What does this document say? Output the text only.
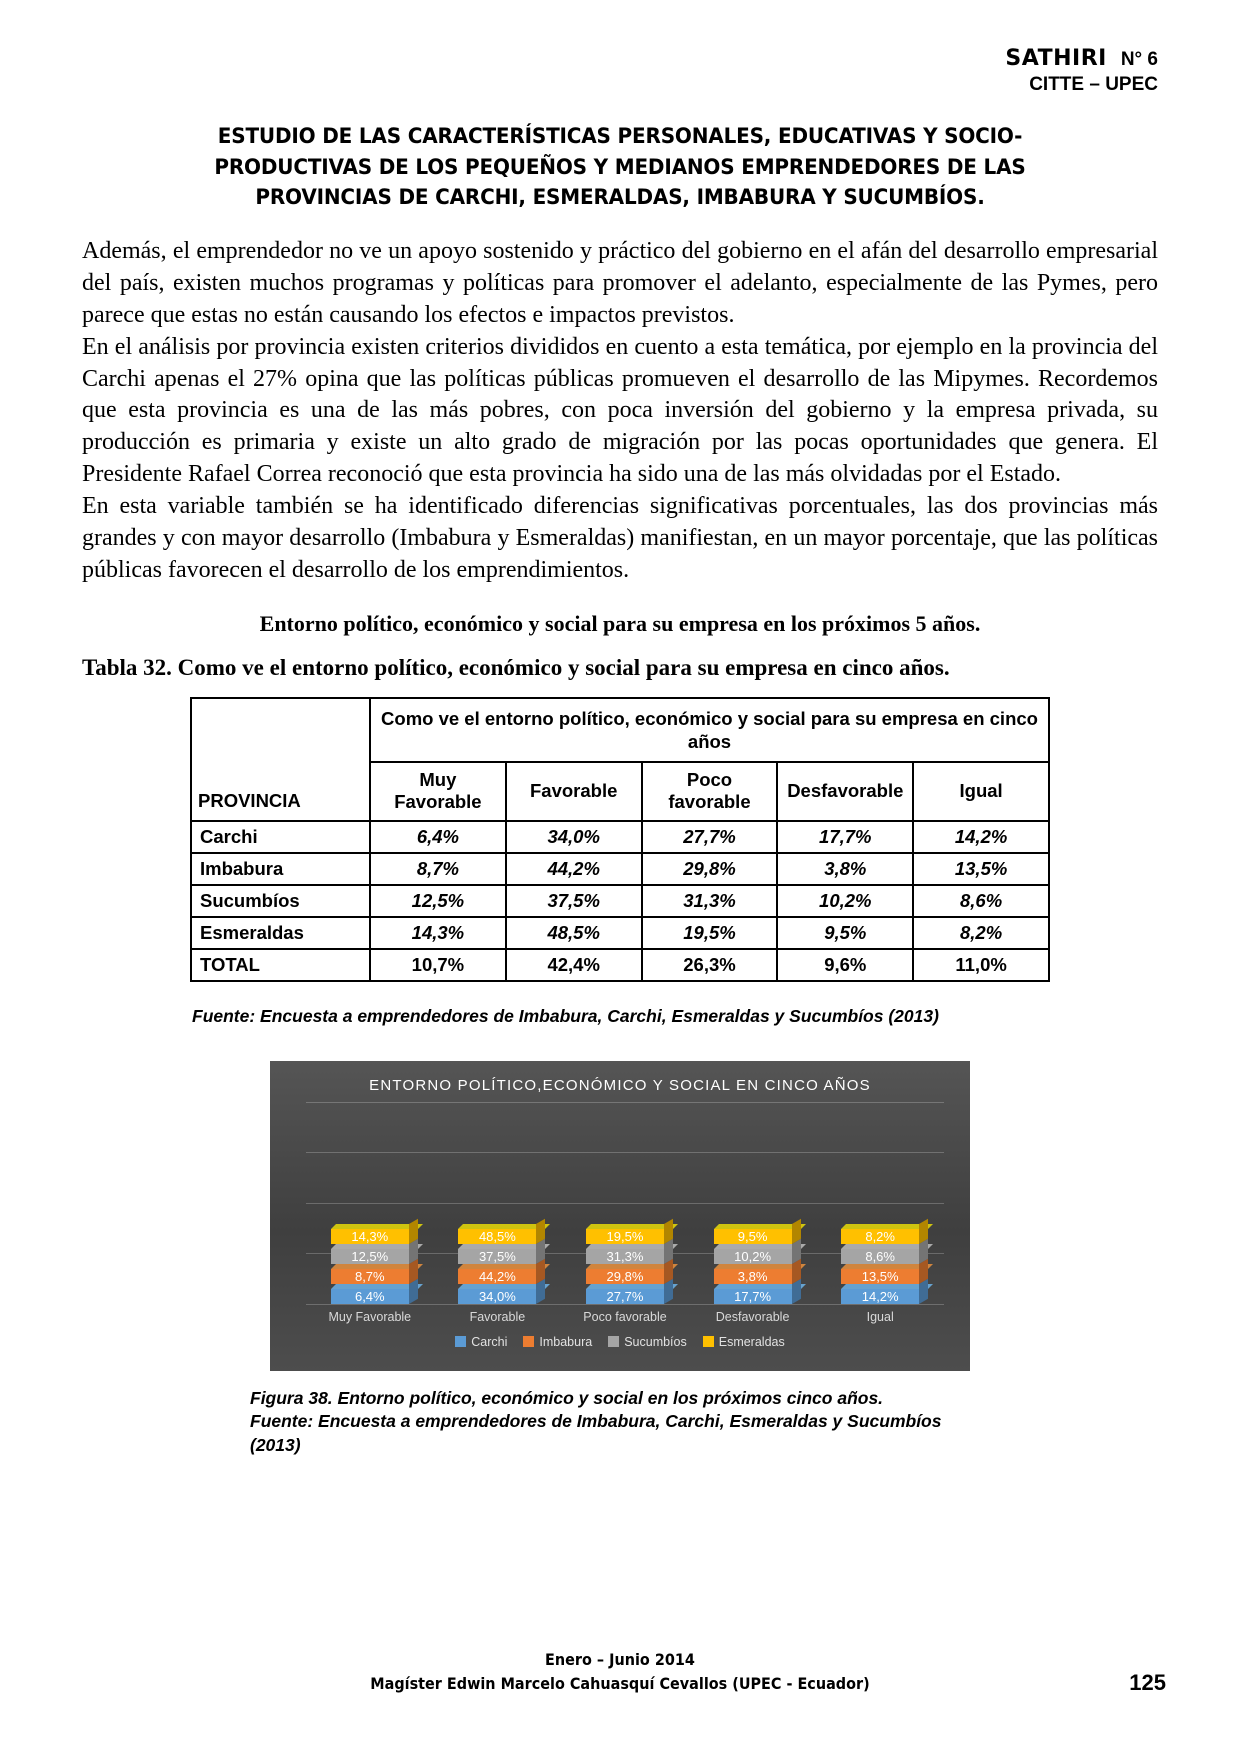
SATHIRI N° 6
CITTE – UPEC
ESTUDIO DE LAS CARACTERÍSTICAS PERSONALES, EDUCATIVAS Y SOCIO-PRODUCTIVAS DE LOS PEQUEÑOS Y MEDIANOS EMPRENDEDORES DE LAS PROVINCIAS DE CARCHI, ESMERALDAS, IMBABURA Y SUCUMBÍOS.

Además, el emprendedor no ve un apoyo sostenido y práctico del gobierno en el afán del desarrollo empresarial del país, existen muchos programas y políticas para promover el adelanto, especialmente de las Pymes, pero parece que estas no están causando los efectos e impactos previstos.

En el análisis por provincia existen criterios divididos en cuento a esta temática, por ejemplo en la provincia del Carchi apenas el 27% opina que las políticas públicas promueven el desarrollo de las Mipymes. Recordemos que esta provincia es una de las más pobres, con poca inversión del gobierno y la empresa privada, su producción es primaria y existe un alto grado de migración por las pocas oportunidades que genera. El Presidente Rafael Correa reconoció que esta provincia ha sido una de las más olvidadas por el Estado.

En esta variable también se ha identificado diferencias significativas porcentuales, las dos provincias más grandes y con mayor desarrollo (Imbabura y Esmeraldas) manifiestan, en un mayor porcentaje, que las políticas públicas favorecen el desarrollo de los emprendimientos.

Entorno político, económico y social para su empresa en los próximos 5 años.
Tabla 32. Como ve el entorno político, económico y social para su empresa en cinco años.
PROVINCIA	Como ve el entorno político, económico y social para su empresa en cinco años				
	Muy Favorable	Favorable	Poco favorable	Desfavorable	Igual
Carchi	6,4%	34,0%	27,7%	17,7%	14,2%
Imbabura	8,7%	44,2%	29,8%	3,8%	13,5%
Sucumbíos	12,5%	37,5%	31,3%	10,2%	8,6%
Esmeraldas	14,3%	48,5%	19,5%	9,5%	8,2%
TOTAL	10,7%	42,4%	26,3%	9,6%	11,0%
Fuente: Encuesta a emprendedores de Imbabura, Carchi, Esmeraldas y Sucumbíos (2013)
ENTORNO POLÍTICO,ECONÓMICO Y SOCIAL EN CINCO AÑOS
6,4%
8,7%
12,5%
14,3%
34,0%
44,2%
37,5%
48,5%
27,7%
29,8%
31,3%
19,5%
17,7%
3,8%
10,2%
9,5%
14,2%
13,5%
8,6%
8,2%
Muy Favorable	Favorable	Poco favorable	Desfavorable	Igual
Carchi	Imbabura	Sucumbíos	Esmeraldas
Figura 38. Entorno político, económico y social en los próximos cinco años.
Fuente: Encuesta a emprendedores de Imbabura, Carchi, Esmeraldas y Sucumbíos (2013)
Enero – Junio 2014
Magíster Edwin Marcelo Cahuasquí Cevallos (UPEC - Ecuador)	125
